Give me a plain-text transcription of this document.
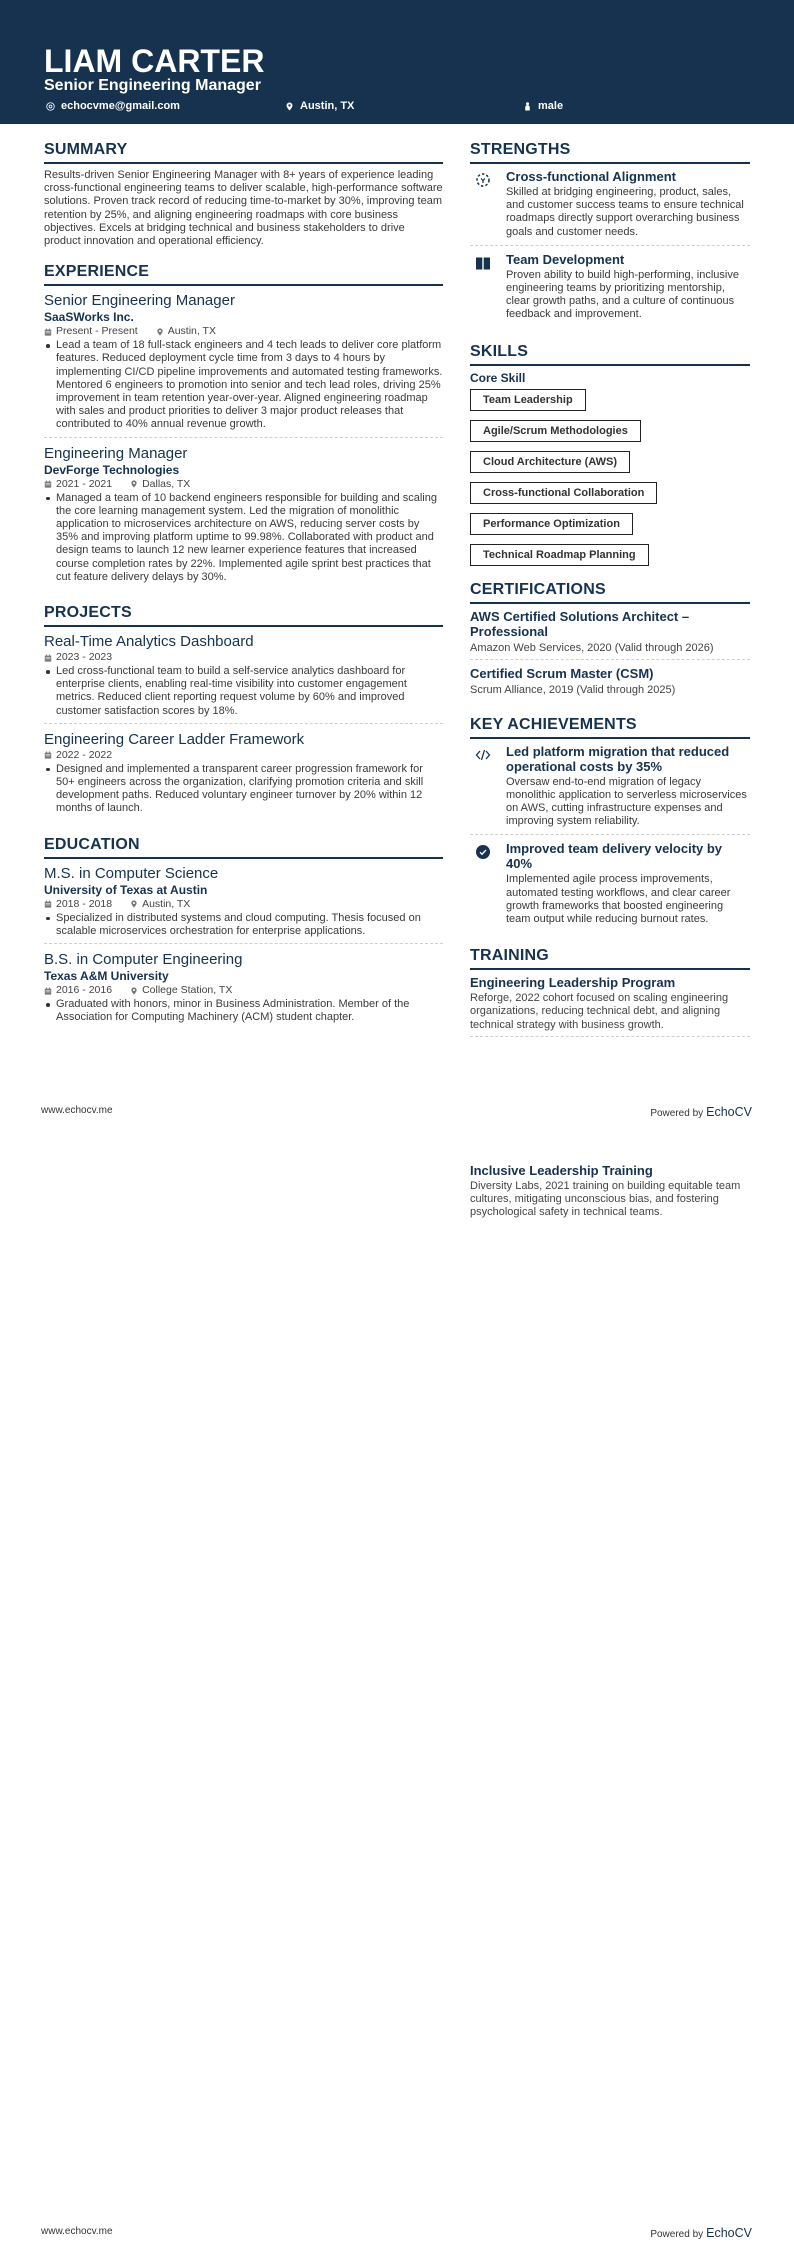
LIAM CARTER
Senior Engineering Manager
echocvme@gmail.com	Austin, TX	male
SUMMARY
Results-driven Senior Engineering Manager with 8+ years of experience leading cross-functional engineering teams to deliver scalable, high-performance software solutions. Proven track record of reducing time-to-market by 30%, improving team retention by 25%, and aligning engineering roadmaps with core business objectives. Excels at bridging technical and business stakeholders to drive product innovation and operational efficiency.
EXPERIENCE
Senior Engineering Manager
SaaSWorks Inc.
Present - Present	Austin, TX
Lead a team of 18 full-stack engineers and 4 tech leads to deliver core platform features. Reduced deployment cycle time from 3 days to 4 hours by implementing CI/CD pipeline improvements and automated testing frameworks. Mentored 6 engineers to promotion into senior and tech lead roles, driving 25% improvement in team retention year-over-year. Aligned engineering roadmap with sales and product priorities to deliver 3 major product releases that contributed to 40% annual revenue growth.
Engineering Manager
DevForge Technologies
2021 - 2021	Dallas, TX
Managed a team of 10 backend engineers responsible for building and scaling the core learning management system. Led the migration of monolithic application to microservices architecture on AWS, reducing server costs by 35% and improving platform uptime to 99.98%. Collaborated with product and design teams to launch 12 new learner experience features that increased course completion rates by 22%. Implemented agile sprint best practices that cut feature delivery delays by 30%.
PROJECTS
Real-Time Analytics Dashboard
2023 - 2023
Led cross-functional team to build a self-service analytics dashboard for enterprise clients, enabling real-time visibility into customer engagement metrics. Reduced client reporting request volume by 60% and improved customer satisfaction scores by 18%.
Engineering Career Ladder Framework
2022 - 2022
Designed and implemented a transparent career progression framework for 50+ engineers across the organization, clarifying promotion criteria and skill development paths. Reduced voluntary engineer turnover by 20% within 12 months of launch.
EDUCATION
M.S. in Computer Science
University of Texas at Austin
2018 - 2018	Austin, TX
Specialized in distributed systems and cloud computing. Thesis focused on scalable microservices orchestration for enterprise applications.
B.S. in Computer Engineering
Texas A&M University
2016 - 2016	College Station, TX
Graduated with honors, minor in Business Administration. Member of the Association for Computing Machinery (ACM) student chapter.
STRENGTHS
Cross-functional Alignment
Skilled at bridging engineering, product, sales, and customer success teams to ensure technical roadmaps directly support overarching business goals and customer needs.
Team Development
Proven ability to build high-performing, inclusive engineering teams by prioritizing mentorship, clear growth paths, and a culture of continuous feedback and improvement.
SKILLS
Core Skill
Team Leadership
Agile/Scrum Methodologies
Cloud Architecture (AWS)
Cross-functional Collaboration
Performance Optimization
Technical Roadmap Planning
CERTIFICATIONS
AWS Certified Solutions Architect – Professional
Amazon Web Services, 2020 (Valid through 2026)
Certified Scrum Master (CSM)
Scrum Alliance, 2019 (Valid through 2025)
KEY ACHIEVEMENTS
Led platform migration that reduced operational costs by 35%
Oversaw end-to-end migration of legacy monolithic application to serverless microservices on AWS, cutting infrastructure expenses and improving system reliability.
Improved team delivery velocity by 40%
Implemented agile process improvements, automated testing workflows, and clear career growth frameworks that boosted engineering team output while reducing burnout rates.
TRAINING
Engineering Leadership Program
Reforge, 2022 cohort focused on scaling engineering organizations, reducing technical debt, and aligning technical strategy with business growth.
www.echocv.me	Powered by EchoCV
Inclusive Leadership Training
Diversity Labs, 2021 training on building equitable team cultures, mitigating unconscious bias, and fostering psychological safety in technical teams.
www.echocv.me	Powered by EchoCV
